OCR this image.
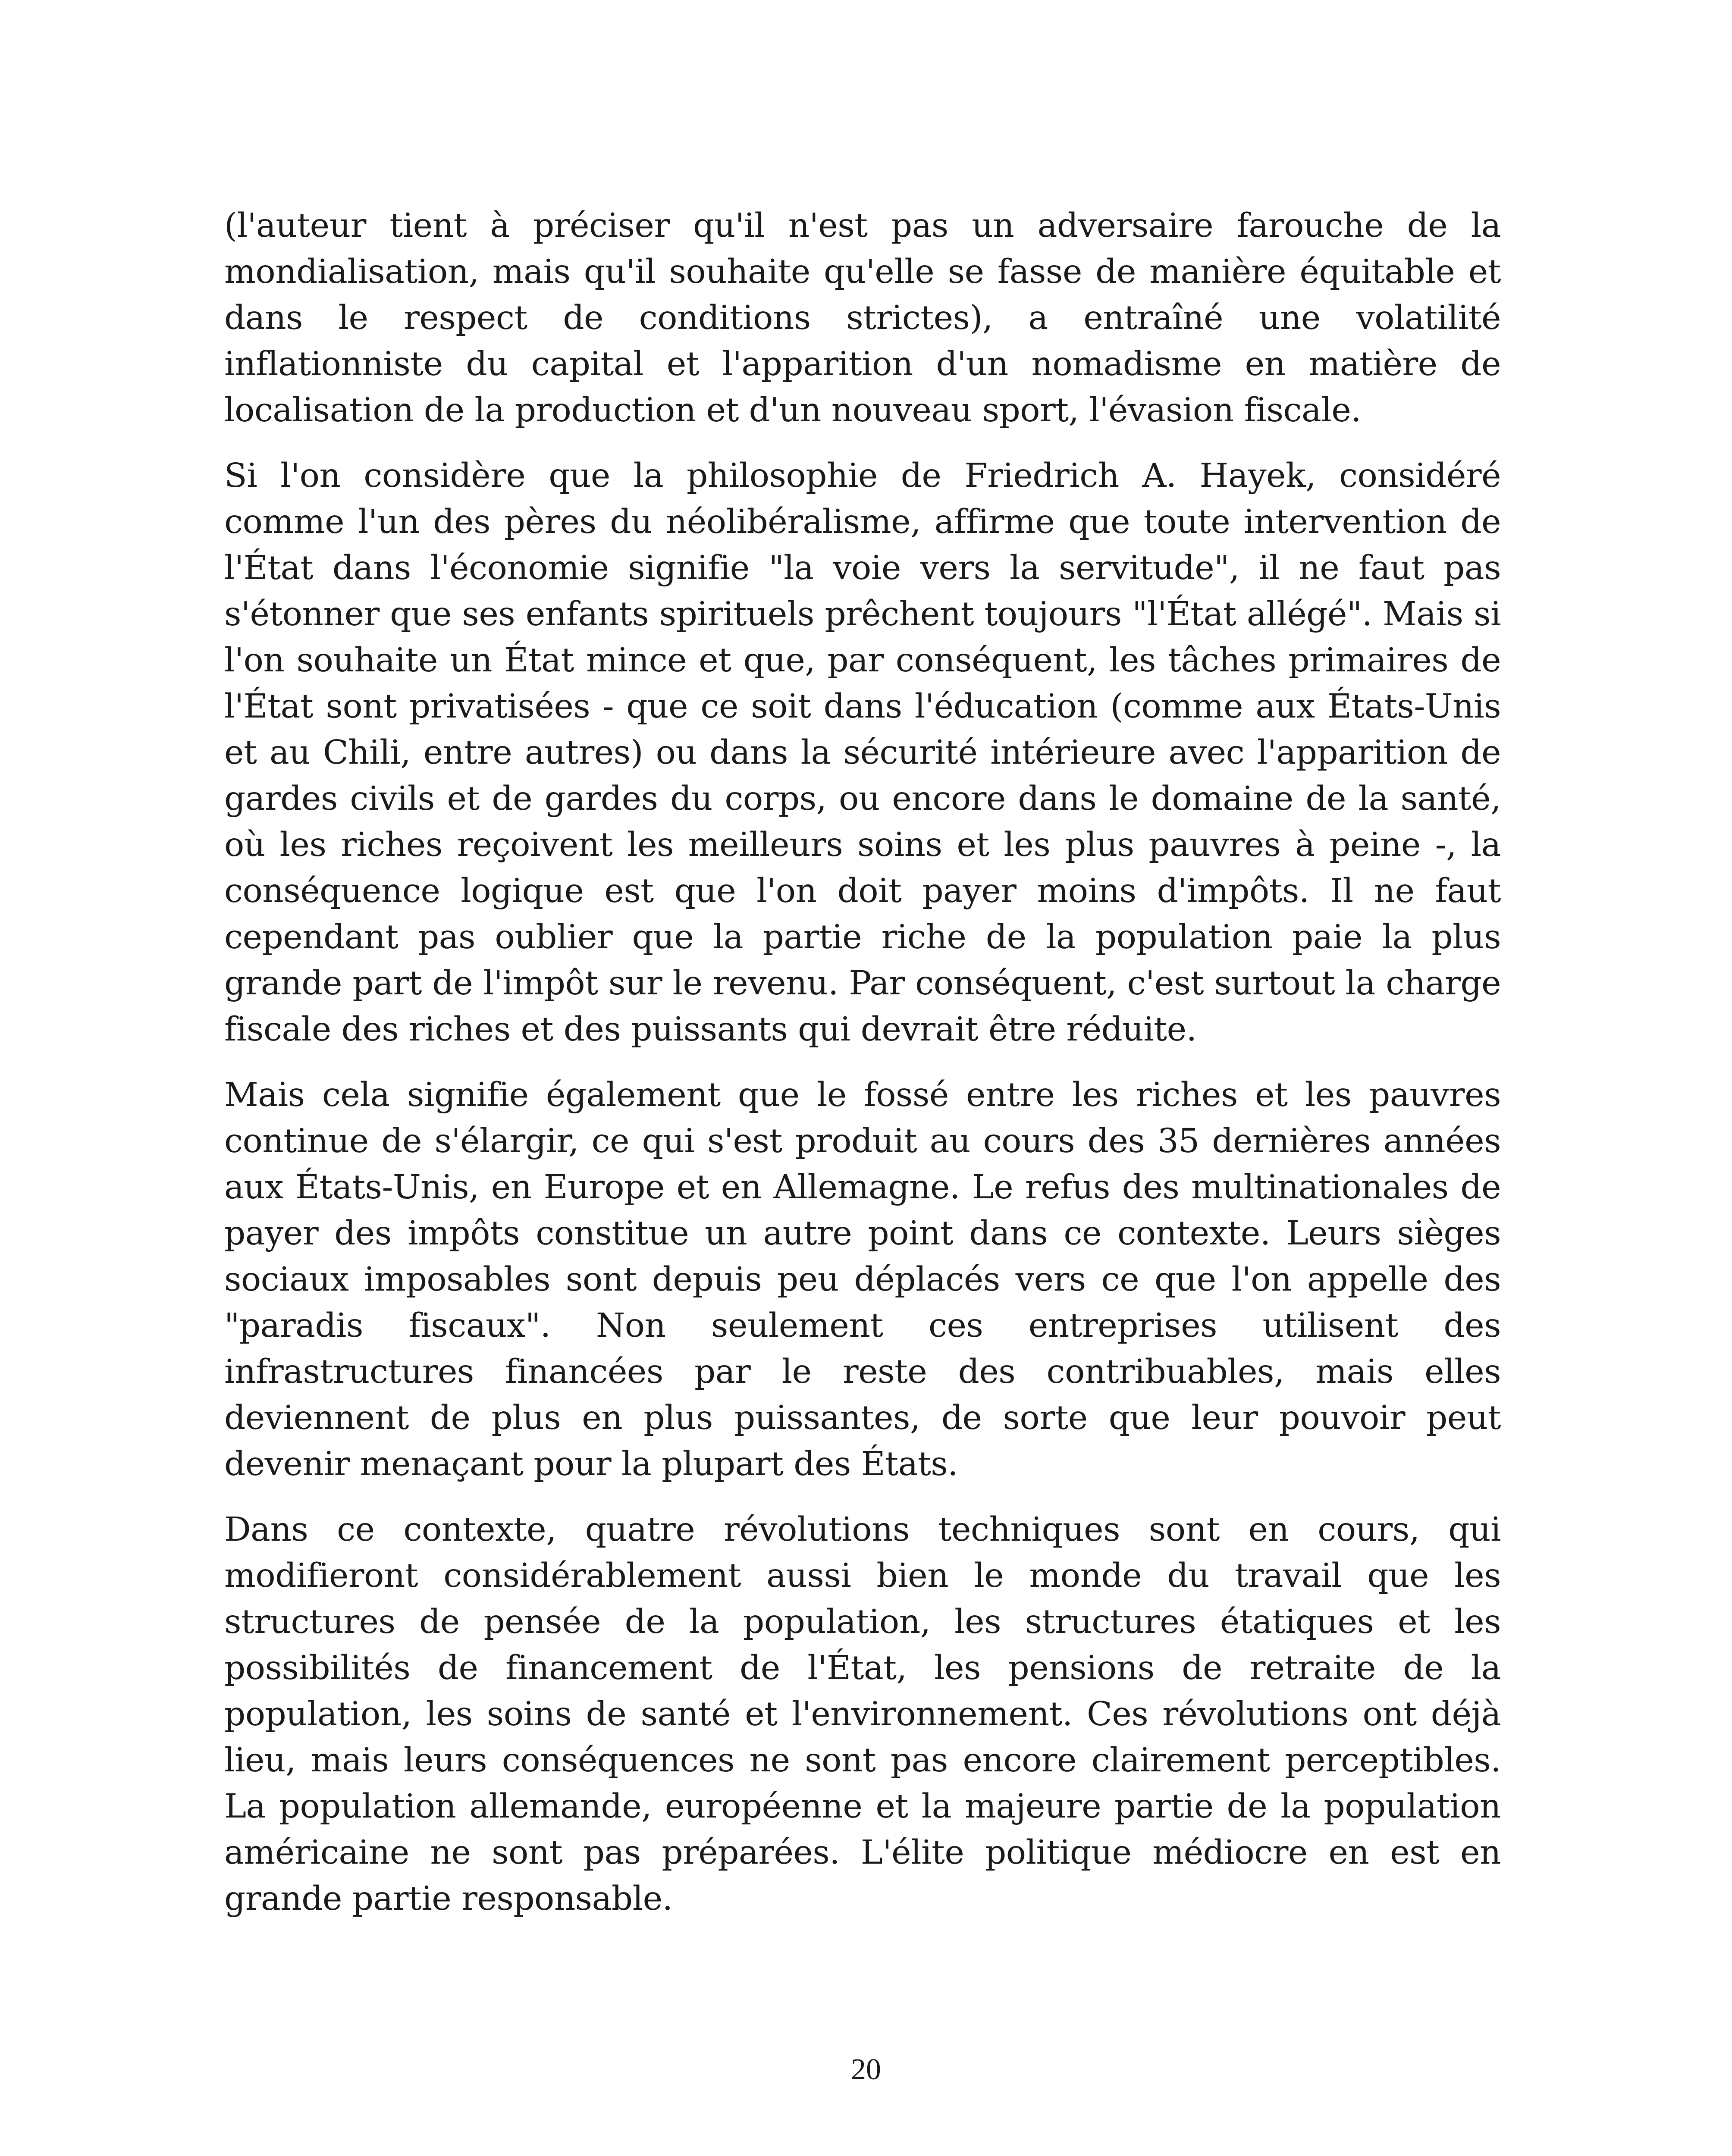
(l'auteur tient à préciser qu'il n'est pas un adversaire farouche de la mondialisation, mais qu'il souhaite qu'elle se fasse de manière équitable et dans le respect de conditions strictes), a entraîné une volatilité inflationniste du capital et l'apparition d'un nomadisme en matière de localisation de la production et d'un nouveau sport, l'évasion fiscale.

Si l'on considère que la philosophie de Friedrich A. Hayek, considéré comme l'un des pères du néolibéralisme, affirme que toute intervention de l'État dans l'économie signifie "la voie vers la servitude", il ne faut pas s'étonner que ses enfants spirituels prêchent toujours "l'État allégé". Mais si l'on souhaite un État mince et que, par conséquent, les tâches primaires de l'État sont privatisées - que ce soit dans l'éducation (comme aux États-Unis et au Chili, entre autres) ou dans la sécurité intérieure avec l'apparition de gardes civils et de gardes du corps, ou encore dans le domaine de la santé, où les riches reçoivent les meilleurs soins et les plus pauvres à peine -, la conséquence logique est que l'on doit payer moins d'impôts. Il ne faut cependant pas oublier que la partie riche de la population paie la plus grande part de l'impôt sur le revenu. Par conséquent, c'est surtout la charge fiscale des riches et des puissants qui devrait être réduite.

Mais cela signifie également que le fossé entre les riches et les pauvres continue de s'élargir, ce qui s'est produit au cours des 35 dernières années aux États-Unis, en Europe et en Allemagne. Le refus des multinationales de payer des impôts constitue un autre point dans ce contexte. Leurs sièges sociaux imposables sont depuis peu déplacés vers ce que l'on appelle des "paradis fiscaux". Non seulement ces entreprises utilisent des infrastructures financées par le reste des contribuables, mais elles deviennent de plus en plus puissantes, de sorte que leur pouvoir peut devenir menaçant pour la plupart des États.

Dans ce contexte, quatre révolutions techniques sont en cours, qui modifieront considérablement aussi bien le monde du travail que les structures de pensée de la population, les structures étatiques et les possibilités de financement de l'État, les pensions de retraite de la population, les soins de santé et l'environnement. Ces révolutions ont déjà lieu, mais leurs conséquences ne sont pas encore clairement perceptibles. La population allemande, européenne et la majeure partie de la population américaine ne sont pas préparées. L'élite politique médiocre en est en grande partie responsable.

20
